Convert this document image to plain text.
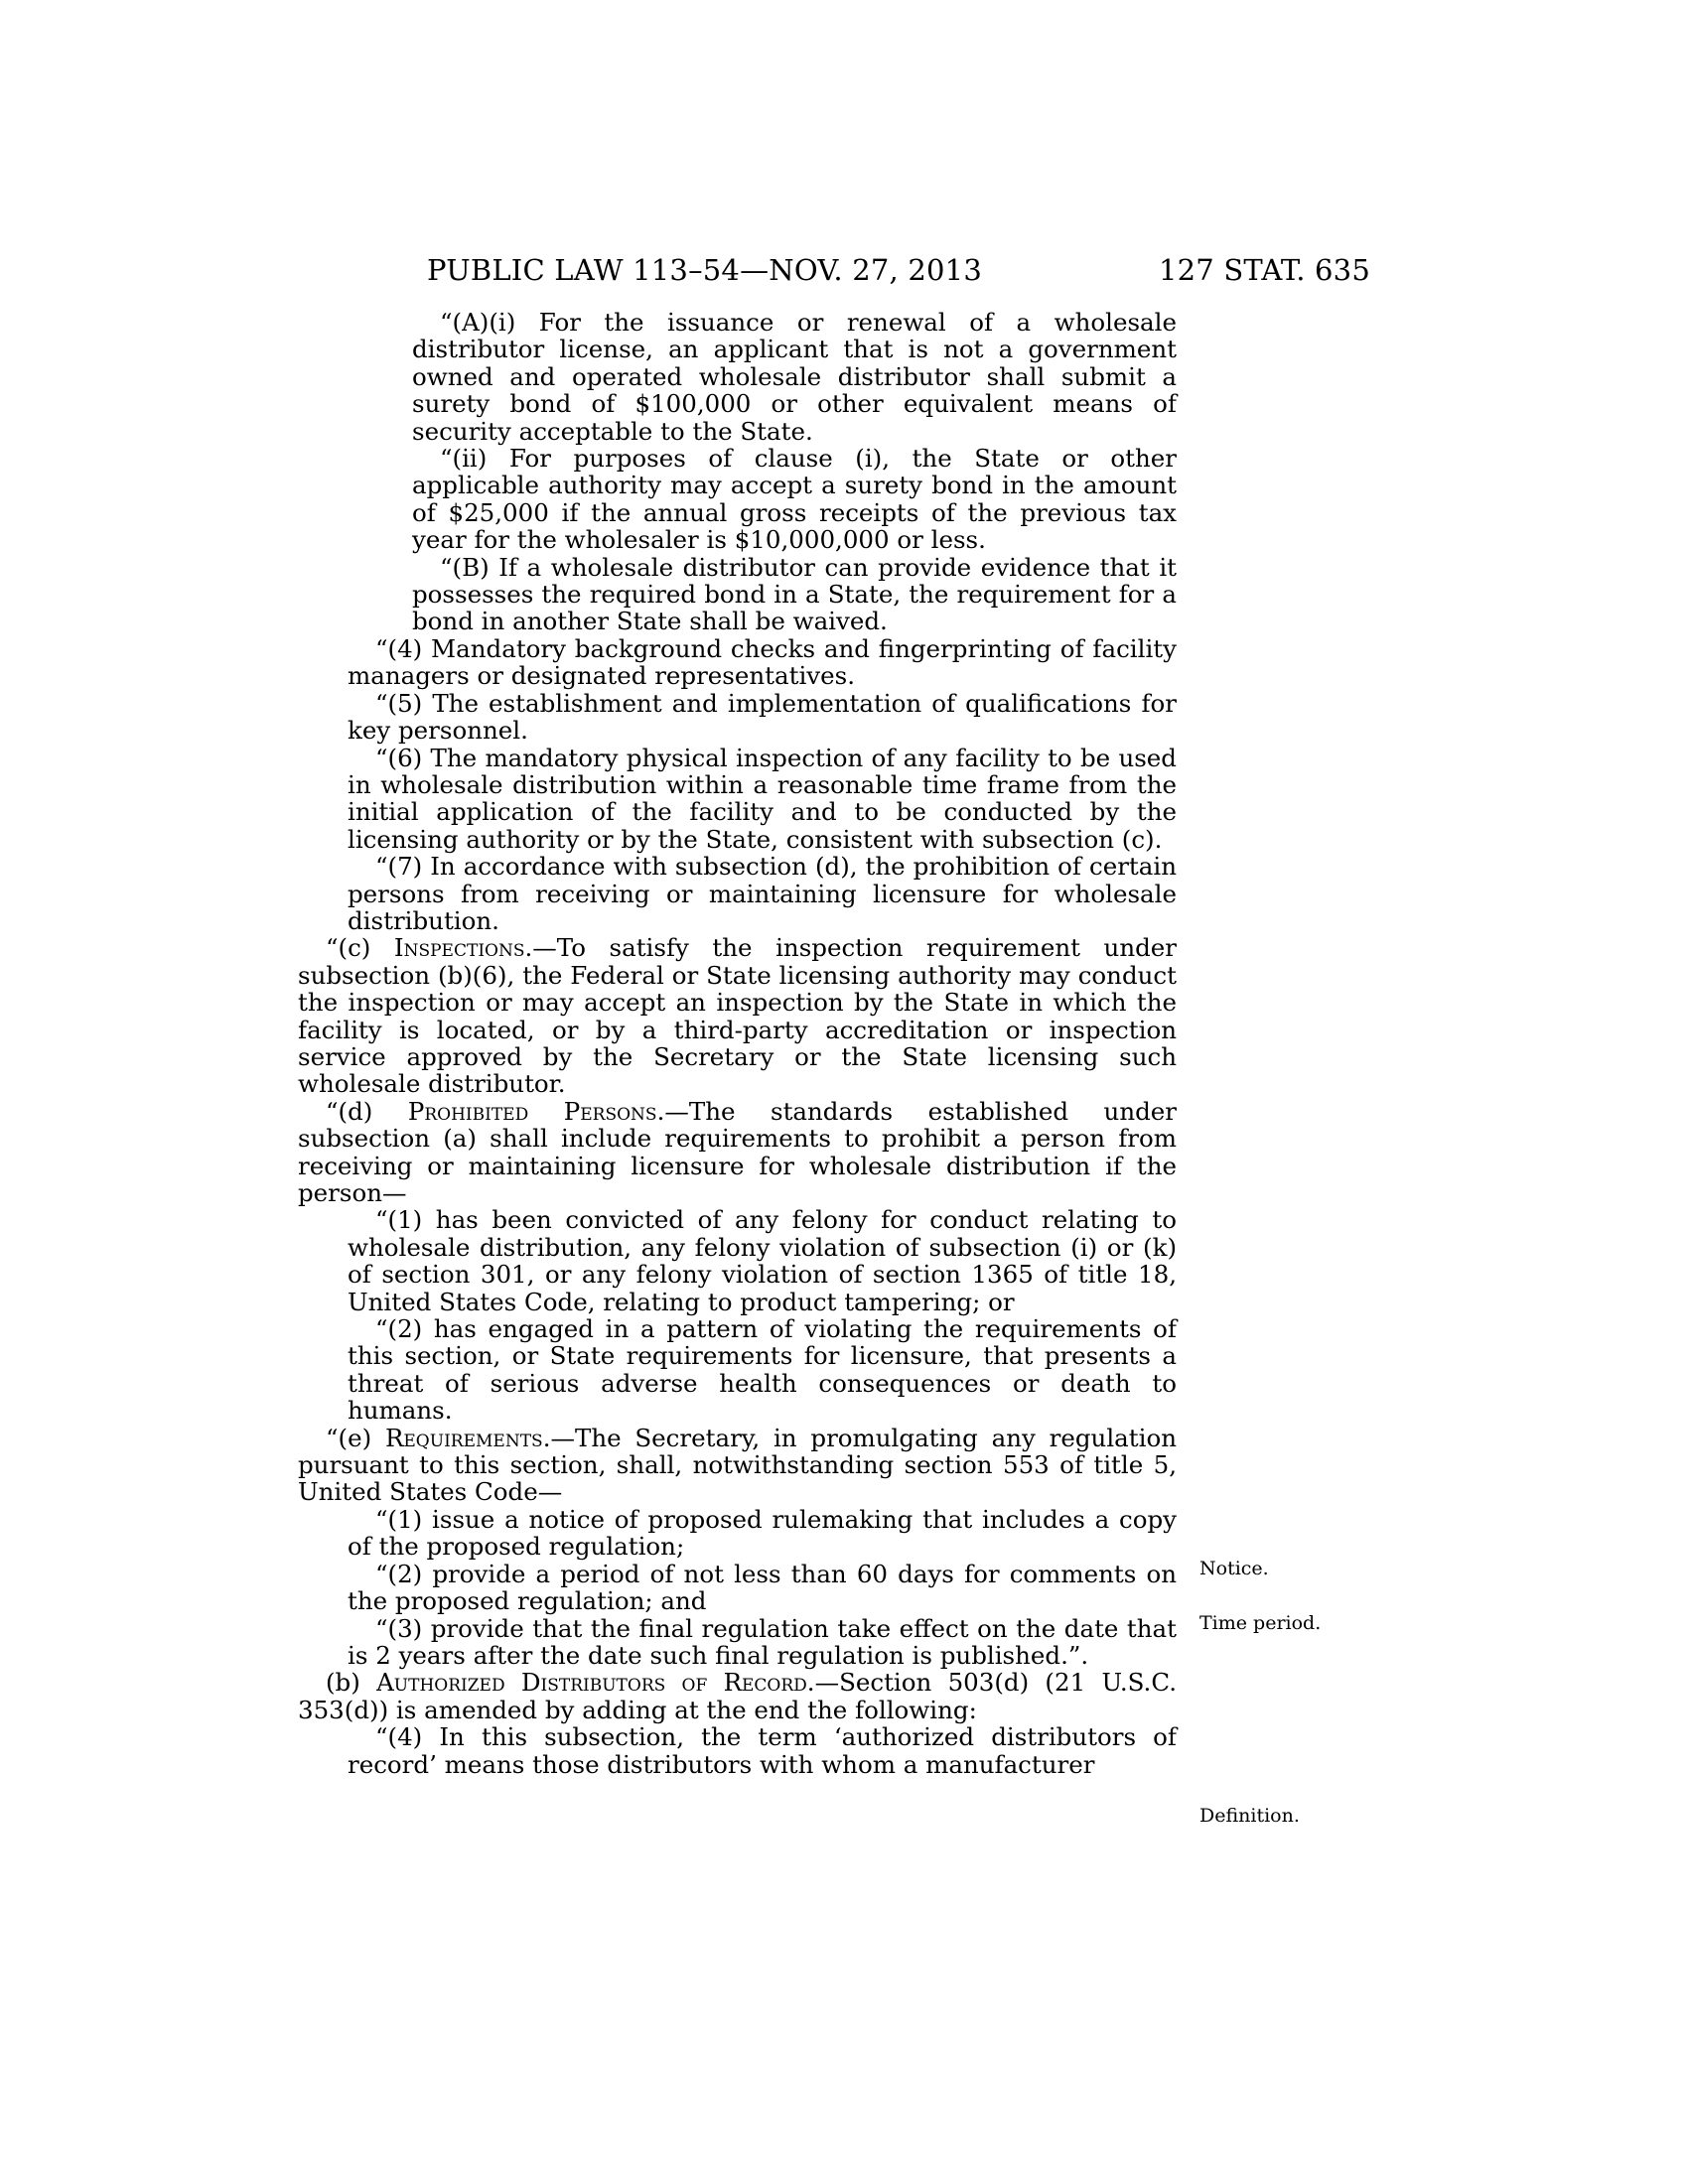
PUBLIC LAW 113–54—NOV. 27, 2013	127 STAT. 635

“(A)(i) For the issuance or renewal of a wholesale distributor license, an applicant that is not a government owned and operated wholesale distributor shall submit a surety bond of $100,000 or other equivalent means of security acceptable to the State.

“(ii) For purposes of clause (i), the State or other applicable authority may accept a surety bond in the amount of $25,000 if the annual gross receipts of the previous tax year for the wholesaler is $10,000,000 or less.

“(B) If a wholesale distributor can provide evidence that it possesses the required bond in a State, the requirement for a bond in another State shall be waived.

“(4) Mandatory background checks and fingerprinting of facility managers or designated representatives.

“(5) The establishment and implementation of qualifications for key personnel.

“(6) The mandatory physical inspection of any facility to be used in wholesale distribution within a reasonable time frame from the initial application of the facility and to be conducted by the licensing authority or by the State, consistent with subsection (c).

“(7) In accordance with subsection (d), the prohibition of certain persons from receiving or maintaining licensure for wholesale distribution.

“(c) Inspections.—To satisfy the inspection requirement under subsection (b)(6), the Federal or State licensing authority may conduct the inspection or may accept an inspection by the State in which the facility is located, or by a third-party accreditation or inspection service approved by the Secretary or the State licensing such wholesale distributor.

“(d) Prohibited Persons.—The standards established under subsection (a) shall include requirements to prohibit a person from receiving or maintaining licensure for wholesale distribution if the person—

“(1) has been convicted of any felony for conduct relating to wholesale distribution, any felony violation of subsection (i) or (k) of section 301, or any felony violation of section 1365 of title 18, United States Code, relating to product tampering; or

“(2) has engaged in a pattern of violating the requirements of this section, or State requirements for licensure, that presents a threat of serious adverse health consequences or death to humans.

“(e) Requirements.—The Secretary, in promulgating any regulation pursuant to this section, shall, notwithstanding section 553 of title 5, United States Code—

“(1) issue a notice of proposed rulemaking that includes a copy of the proposed regulation;

“(2) provide a period of not less than 60 days for comments on the proposed regulation; and

“(3) provide that the final regulation take effect on the date that is 2 years after the date such final regulation is published.”.

(b) Authorized Distributors of Record.—Section 503(d) (21 U.S.C. 353(d)) is amended by adding at the end the following:

“(4) In this subsection, the term ‘authorized distributors of record’ means those distributors with whom a manufacturer

Notice.
Time period.
Definition.
